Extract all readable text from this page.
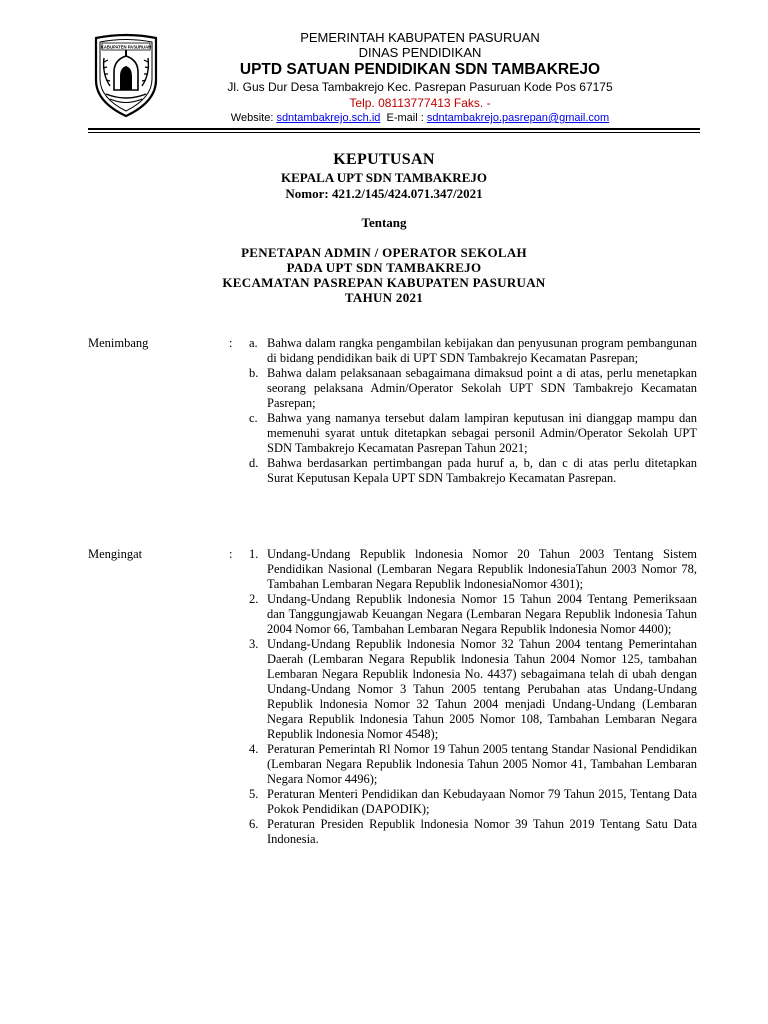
KABUPATEN PASURUAN
PEMERINTAH KABUPATEN PASURUAN
DINAS PENDIDIKAN
UPTD SATUAN PENDIDIKAN SDN TAMBAKREJO
Jl. Gus Dur Desa Tambakrejo Kec. Pasrepan Pasuruan Kode Pos 67175
Telp. 08113777413 Faks. -
Website: sdntambakrejo.sch.id  E-mail : sdntambakrejo.pasrepan@gmail.com
KEPUTUSAN
KEPALA UPT SDN TAMBAKREJO
Nomor: 421.2/145/424.071.347/2021
Tentang
PENETAPAN ADMIN / OPERATOR SEKOLAH
PADA UPT SDN TAMBAKREJO
KECAMATAN PASREPAN KABUPATEN PASURUAN
TAHUN 2021
Menimbang	: a. Bahwa dalam rangka pengambilan kebijakan dan penyusunan program pembangunan di bidang pendidikan baik di UPT SDN Tambakrejo Kecamatan Pasrepan;
b. Bahwa dalam pelaksanaan sebagaimana dimaksud point a di atas, perlu menetapkan seorang pelaksana Admin/Operator Sekolah UPT SDN Tambakrejo Kecamatan Pasrepan;
c. Bahwa yang namanya tersebut dalam lampiran keputusan ini dianggap mampu dan memenuhi syarat untuk ditetapkan sebagai personil Admin/Operator Sekolah UPT SDN Tambakrejo Kecamatan Pasrepan Tahun 2021;
d. Bahwa berdasarkan pertimbangan pada huruf a, b, dan c di atas perlu ditetapkan Surat Keputusan Kepala UPT SDN Tambakrejo Kecamatan Pasrepan.
Mengingat	: 1. Undang-Undang Republik lndonesia Nomor 20 Tahun 2003 Tentang Sistem Pendidikan Nasional (Lembaran Negara Republik lndonesiaTahun 2003 Nomor 78, Tambahan Lembaran Negara Republik lndonesiaNomor 4301);
2. Undang-Undang Republik lndonesia Nomor 15 Tahun 2004 Tentang Pemeriksaan dan Tanggungjawab Keuangan Negara (Lembaran Negara Republik lndonesia Tahun 2004 Nomor 66, Tambahan Lembaran Negara Republik lndonesia Nomor 4400);
3. Undang-Undang Republik lndonesia Nomor 32 Tahun 2004 tentang Pemerintahan Daerah (Lembaran Negara Republik lndonesia Tahun 2004 Nomor 125, tambahan Lembaran Negara Republik lndonesia No. 4437) sebagaimana telah di ubah dengan Undang-Undang Nomor 3 Tahun 2005 tentang Perubahan atas Undang-Undang Republik lndonesia Nomor 32 Tahun 2004 menjadi Undang-Undang (Lembaran Negara Republik lndonesia Tahun 2005 Nomor 108, Tambahan Lembaran Negara Republik lndonesia Nomor 4548);
4. Peraturan Pemerintah Rl Nomor 19 Tahun 2005 tentang Standar Nasional Pendidikan (Lembaran Negara Republik lndonesia Tahun 2005 Nomor 41, Tambahan Lembaran Negara Nomor 4496);
5. Peraturan Menteri Pendidikan dan Kebudayaan Nomor 79 Tahun 2015, Tentang Data Pokok Pendidikan (DAPODIK);
6. Peraturan Presiden Republik lndonesia Nomor 39 Tahun 2019 Tentang Satu Data Indonesia.
